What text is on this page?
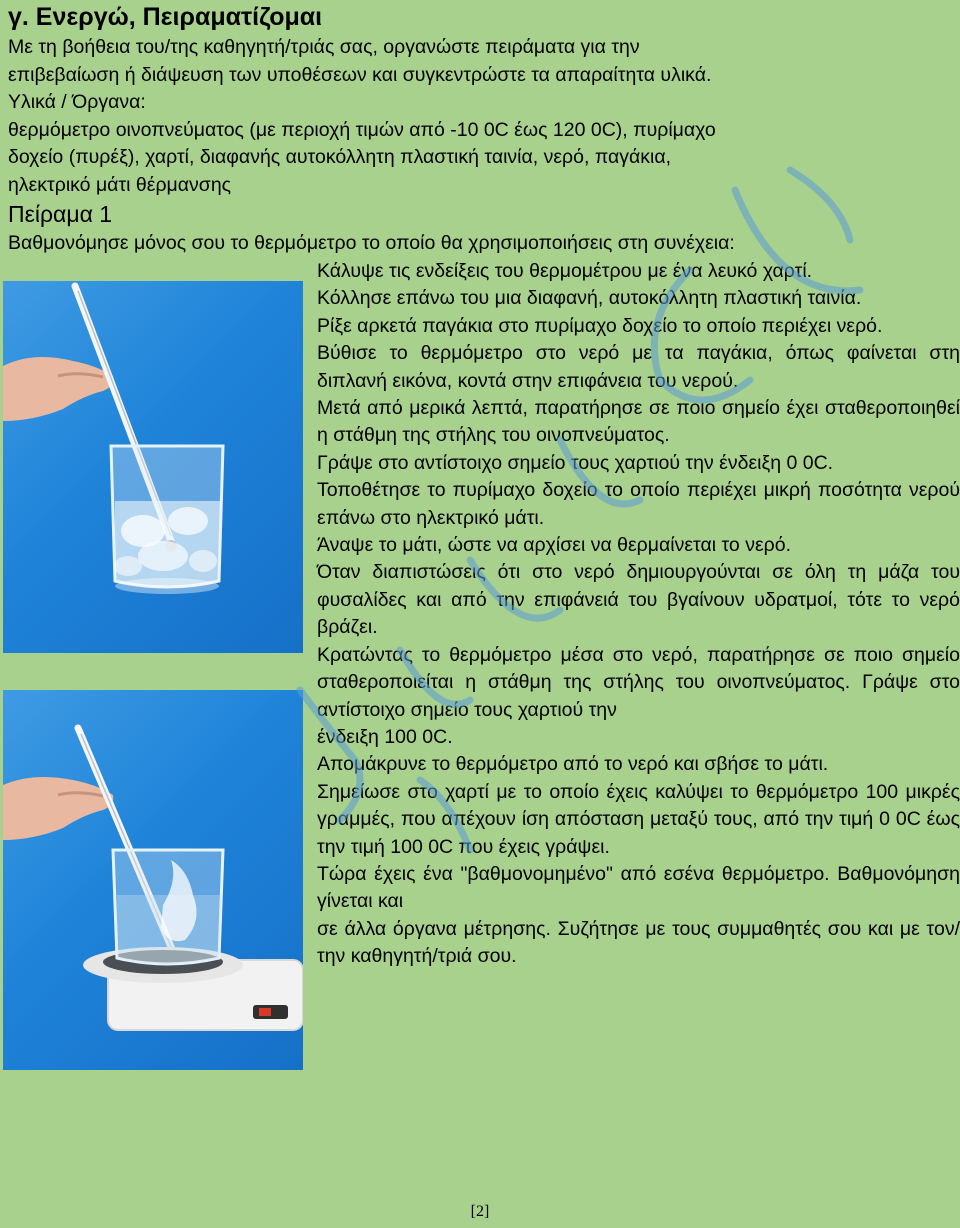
γ. Ενεργώ, Πειραματίζομαι

Με τη βοήθεια του/της καθηγητή/τριάς σας, οργανώστε πειράματα για την

επιβεβαίωση ή διάψευση των υποθέσεων και συγκεντρώστε τα απαραίτητα υλικά.

Υλικά / Όργανα:

θερμόμετρο οινοπνεύματος (με περιοχή τιμών από -10 0C έως 120 0C), πυρίμαχο

δοχείο (πυρέξ), χαρτί, διαφανής αυτοκόλλητη πλαστική ταινία, νερό, παγάκια,

ηλεκτρικό μάτι θέρμανσης

Πείραμα 1

Βαθμονόμησε μόνος σου το θερμόμετρο το οποίο θα χρησιμοποιήσεις στη συνέχεια:

Κάλυψε τις ενδείξεις του θερμομέτρου με ένα λευκό χαρτί.
Κόλλησε επάνω του μια διαφανή, αυτοκόλλητη πλαστική ταινία.
Ρίξε αρκετά παγάκια στο πυρίμαχο δοχείο το οποίο περιέχει νερό.
Βύθισε το θερμόμετρο στο νερό με τα παγάκια, όπως φαίνεται στη διπλανή εικόνα, κοντά στην επιφάνεια του νερού.
Μετά από μερικά λεπτά, παρατήρησε σε ποιο σημείο έχει σταθεροποιηθεί η στάθμη της στήλης του οινοπνεύματος.
Γράψε στο αντίστοιχο σημείο τους χαρτιού την ένδειξη 0 0C.
Τοποθέτησε το πυρίμαχο δοχείο το οποίο περιέχει μικρή ποσότητα νερού επάνω στο ηλεκτρικό μάτι.
Άναψε το μάτι, ώστε να αρχίσει να θερμαίνεται το νερό.
Όταν διαπιστώσεις ότι στο νερό δημιουργούνται σε όλη τη μάζα του φυσαλίδες και από την επιφάνειά του βγαίνουν υδρατμοί, τότε το νερό βράζει.
Κρατώντας το θερμόμετρο μέσα στο νερό, παρατήρησε σε ποιο σημείο σταθεροποιείται η στάθμη της στήλης του οινοπνεύματος. Γράψε στο αντίστοιχο σημείο τους χαρτιού την
ένδειξη 100 0C.
Απομάκρυνε το θερμόμετρο από το νερό και σβήσε το μάτι.
Σημείωσε στο χαρτί με το οποίο έχεις καλύψει το θερμόμετρο 100 μικρές γραμμές, που απέχουν ίση απόσταση μεταξύ τους, από την τιμή 0 0C έως την τιμή 100 0C που έχεις γράψει.
Τώρα έχεις ένα "βαθμονομημένο" από εσένα θερμόμετρο. Βαθμονόμηση γίνεται και
σε άλλα όργανα μέτρησης. Συζήτησε με τους συμμαθητές σου και με τον/την καθηγητή/τριά σου.
[2]
